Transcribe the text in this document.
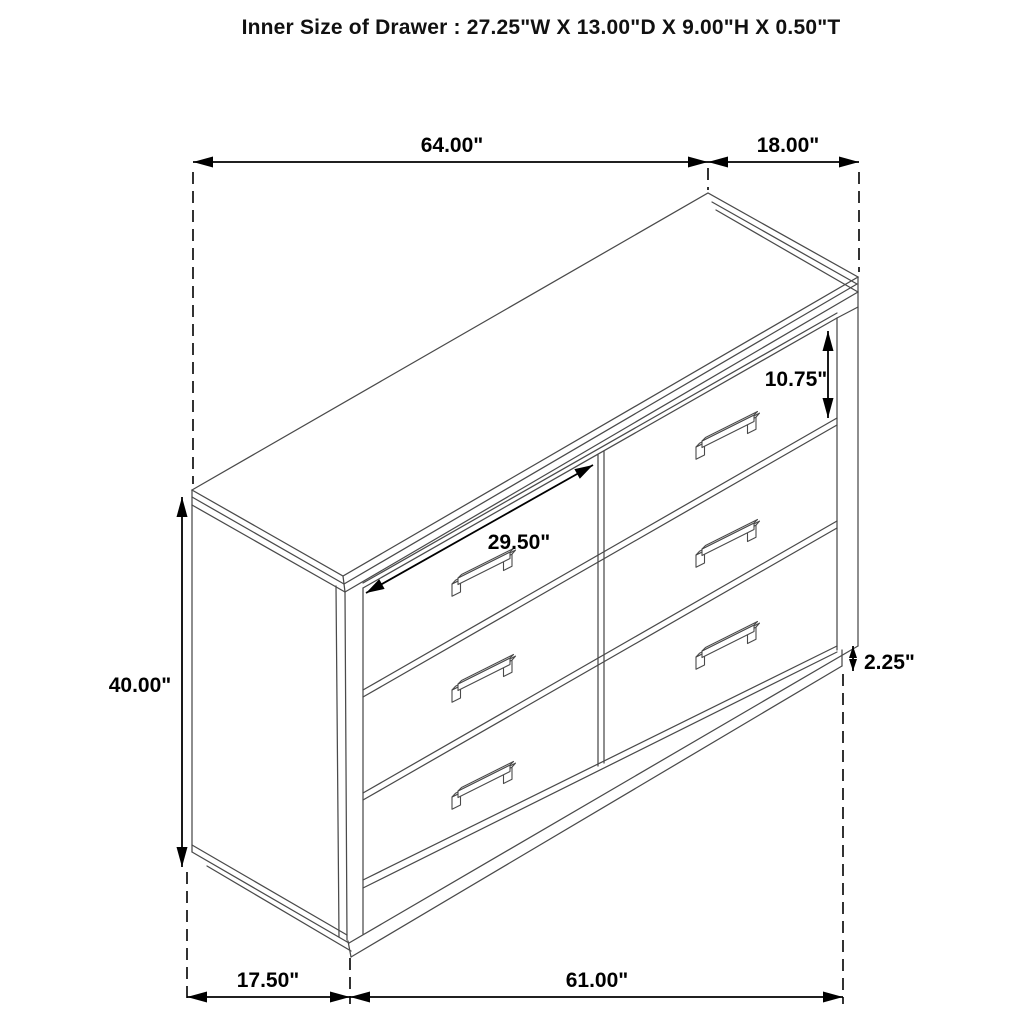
Inner Size of Drawer : 27.25"W X 13.00"D X 9.00"H X 0.50"T
64.00"	18.00"
40.00"
10.75"
29.50"
2.25"
17.50"	61.00"
